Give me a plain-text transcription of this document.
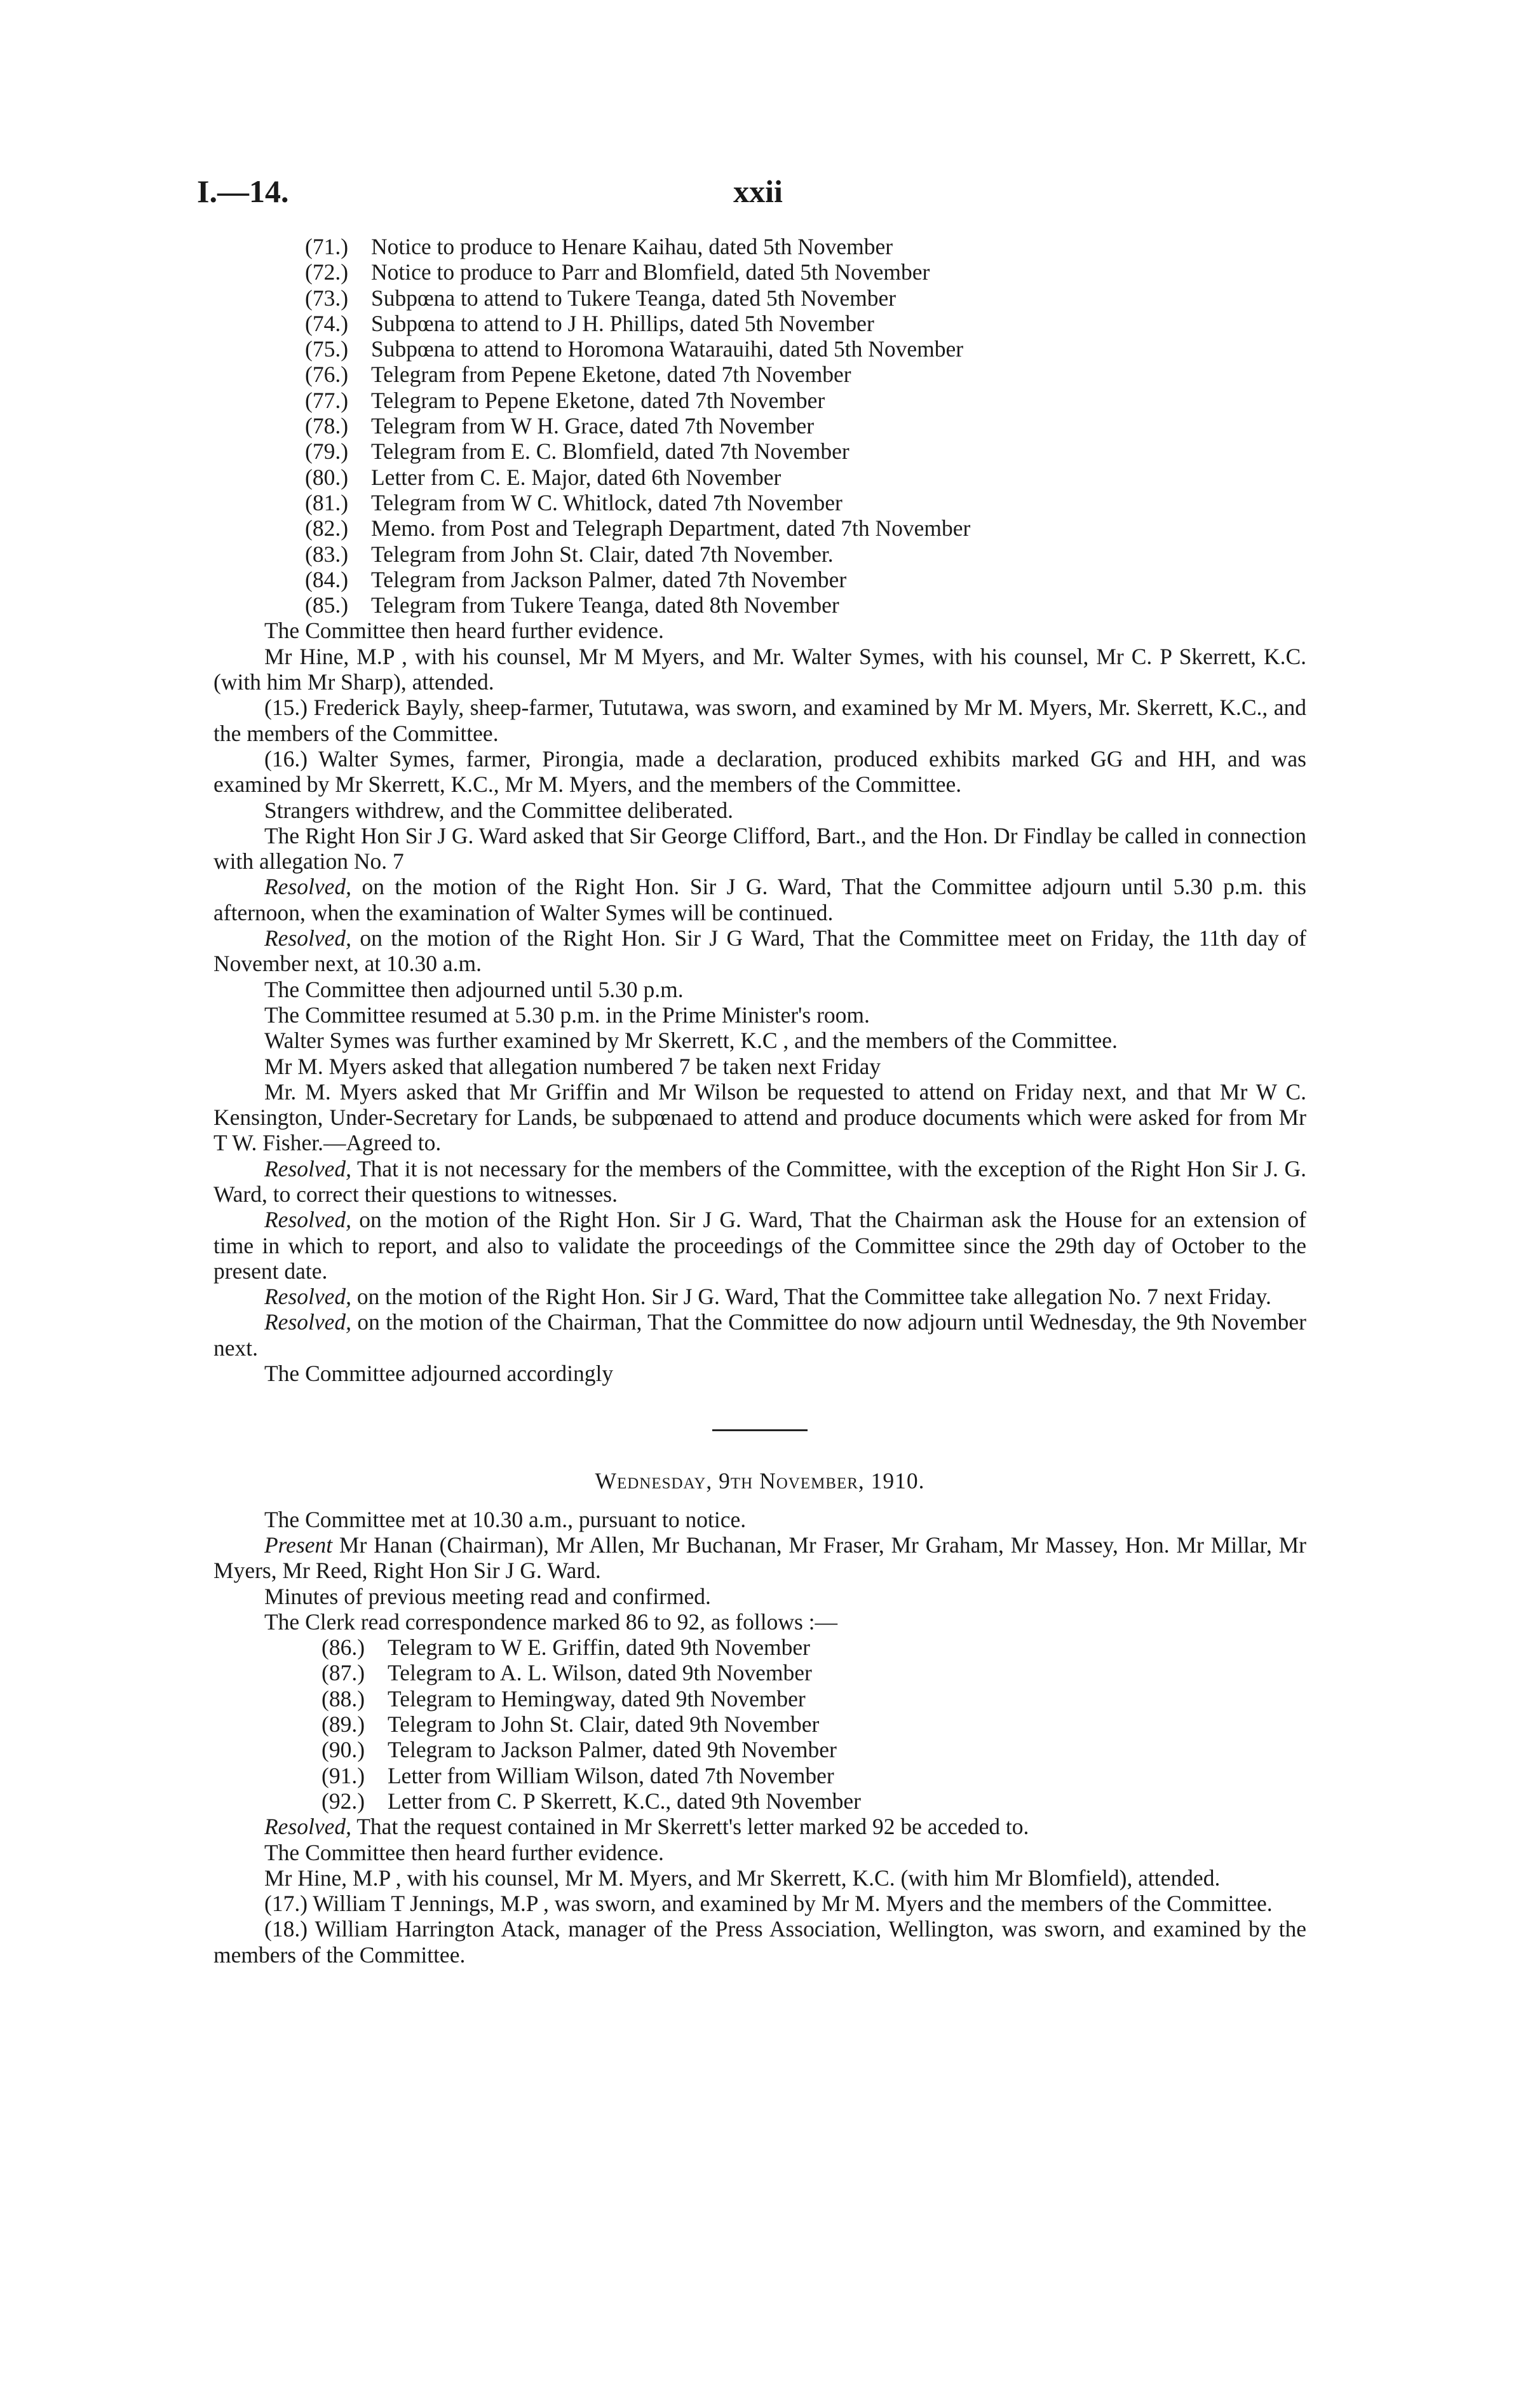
I.—14.	xxii
(71.) Notice to produce to Henare Kaihau, dated 5th November
(72.) Notice to produce to Parr and Blomfield, dated 5th November
(73.) Subpœna to attend to Tukere Teanga, dated 5th November
(74.) Subpœna to attend to J H. Phillips, dated 5th November
(75.) Subpœna to attend to Horomona Watarauihi, dated 5th November
(76.) Telegram from Pepene Eketone, dated 7th November
(77.) Telegram to Pepene Eketone, dated 7th November
(78.) Telegram from W H. Grace, dated 7th November
(79.) Telegram from E. C. Blomfield, dated 7th November
(80.) Letter from C. E. Major, dated 6th November
(81.) Telegram from W C. Whitlock, dated 7th November
(82.) Memo. from Post and Telegraph Department, dated 7th November
(83.) Telegram from John St. Clair, dated 7th November.
(84.) Telegram from Jackson Palmer, dated 7th November
(85.) Telegram from Tukere Teanga, dated 8th November

The Committee then heard further evidence.

Mr Hine, M.P , with his counsel, Mr M Myers, and Mr. Walter Symes, with his counsel, Mr C. P Skerrett, K.C. (with him Mr Sharp), attended.

(15.) Frederick Bayly, sheep-farmer, Tututawa, was sworn, and examined by Mr M. Myers, Mr. Skerrett, K.C., and the members of the Committee.

(16.) Walter Symes, farmer, Pirongia, made a declaration, produced exhibits marked GG and HH, and was examined by Mr Skerrett, K.C., Mr M. Myers, and the members of the Committee.

Strangers withdrew, and the Committee deliberated.

The Right Hon Sir J G. Ward asked that Sir George Clifford, Bart., and the Hon. Dr Findlay be called in connection with allegation No. 7

Resolved, on the motion of the Right Hon. Sir J G. Ward, That the Committee adjourn until 5.30 p.m. this afternoon, when the examination of Walter Symes will be continued.

Resolved, on the motion of the Right Hon. Sir J G Ward, That the Committee meet on Friday, the 11th day of November next, at 10.30 a.m.

The Committee then adjourned until 5.30 p.m.

The Committee resumed at 5.30 p.m. in the Prime Minister's room.

Walter Symes was further examined by Mr Skerrett, K.C , and the members of the Committee.

Mr M. Myers asked that allegation numbered 7 be taken next Friday

Mr. M. Myers asked that Mr Griffin and Mr Wilson be requested to attend on Friday next, and that Mr W C. Kensington, Under-Secretary for Lands, be subpœnaed to attend and produce documents which were asked for from Mr T W. Fisher.—Agreed to.

Resolved, That it is not necessary for the members of the Committee, with the exception of the Right Hon Sir J. G. Ward, to correct their questions to witnesses.

Resolved, on the motion of the Right Hon. Sir J G. Ward, That the Chairman ask the House for an extension of time in which to report, and also to validate the proceedings of the Committee since the 29th day of October to the present date.

Resolved, on the motion of the Right Hon. Sir J G. Ward, That the Committee take allegation No. 7 next Friday.

Resolved, on the motion of the Chairman, That the Committee do now adjourn until Wednesday, the 9th November next.

The Committee adjourned accordingly

Wednesday, 9th November, 1910.

The Committee met at 10.30 a.m., pursuant to notice.

Present Mr Hanan (Chairman), Mr Allen, Mr Buchanan, Mr Fraser, Mr Graham, Mr Massey, Hon. Mr Millar, Mr Myers, Mr Reed, Right Hon Sir J G. Ward.

Minutes of previous meeting read and confirmed.

The Clerk read correspondence marked 86 to 92, as follows :—

(86.) Telegram to W E. Griffin, dated 9th November
(87.) Telegram to A. L. Wilson, dated 9th November
(88.) Telegram to Hemingway, dated 9th November
(89.) Telegram to John St. Clair, dated 9th November
(90.) Telegram to Jackson Palmer, dated 9th November
(91.) Letter from William Wilson, dated 7th November
(92.) Letter from C. P Skerrett, K.C., dated 9th November

Resolved, That the request contained in Mr Skerrett's letter marked 92 be acceded to.

The Committee then heard further evidence.

Mr Hine, M.P , with his counsel, Mr M. Myers, and Mr Skerrett, K.C. (with him Mr Blomfield), attended.

(17.) William T Jennings, M.P , was sworn, and examined by Mr M. Myers and the members of the Committee.

(18.) William Harrington Atack, manager of the Press Association, Wellington, was sworn, and examined by the members of the Committee.
